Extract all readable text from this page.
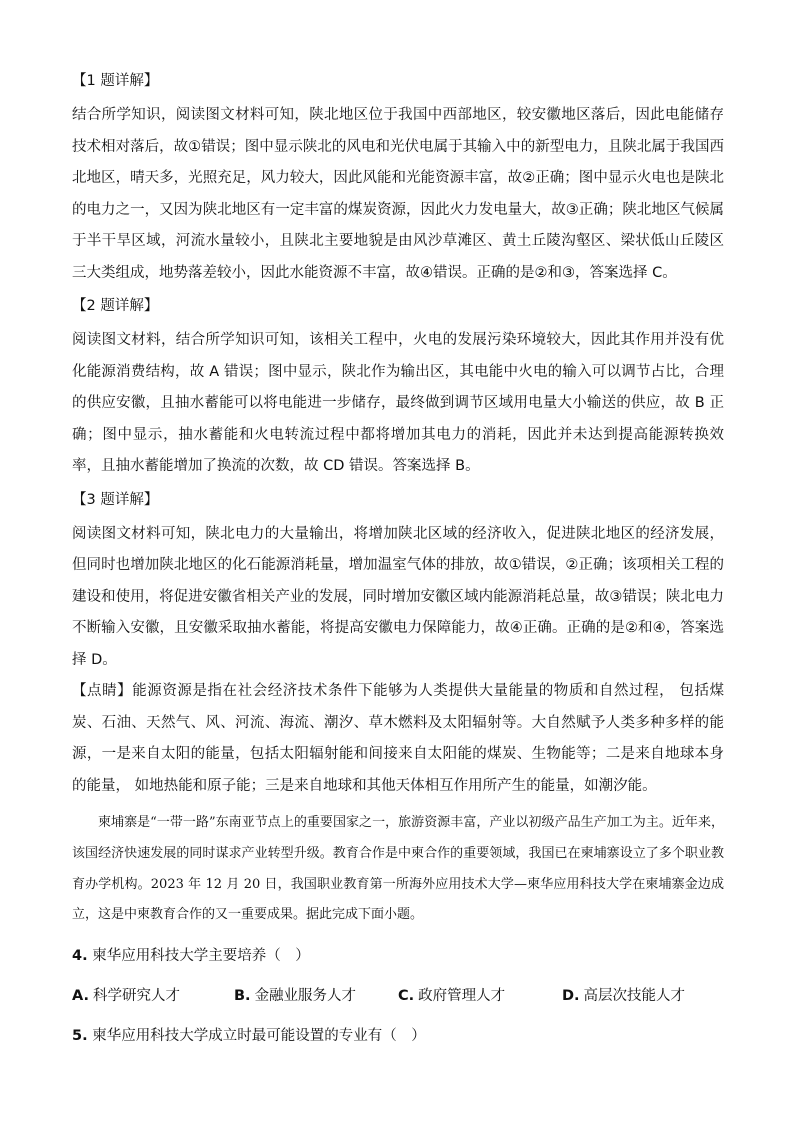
【1 题详解】

结合所学知识，阅读图文材料可知，陕北地区位于我国中西部地区，较安徽地区落后，因此电能储存技术相对落后，故①错误；图中显示陕北的风电和光伏电属于其输入中的新型电力，且陕北属于我国西北地区，晴天多，光照充足，风力较大，因此风能和光能资源丰富，故②正确；图中显示火电也是陕北的电力之一，又因为陕北地区有一定丰富的煤炭资源，因此火力发电量大，故③正确；陕北地区气候属于半干旱区域，河流水量较小，且陕北主要地貌是由风沙草滩区、黄土丘陵沟壑区、梁状低山丘陵区三大类组成，地势落差较小，因此水能资源不丰富，故④错误。正确的是②和③，答案选择 C。

【2 题详解】

阅读图文材料，结合所学知识可知，该相关工程中，火电的发展污染环境较大，因此其作用并没有优化能源消费结构，故 A 错误；图中显示，陕北作为输出区，其电能中火电的输入可以调节占比，合理的供应安徽，且抽水蓄能可以将电能进一步储存，最终做到调节区域用电量大小输送的供应，故 B 正确；图中显示，抽水蓄能和火电转流过程中都将增加其电力的消耗，因此并未达到提高能源转换效率，且抽水蓄能增加了换流的次数，故 CD 错误。答案选择 B。

【3 题详解】

阅读图文材料可知，陕北电力的大量输出，将增加陕北区域的经济收入，促进陕北地区的经济发展，但同时也增加陕北地区的化石能源消耗量，增加温室气体的排放，故①错误，②正确；该项相关工程的建设和使用，将促进安徽省相关产业的发展，同时增加安徽区域内能源消耗总量，故③错误；陕北电力不断输入安徽，且安徽采取抽水蓄能，将提高安徽电力保障能力，故④正确。正确的是②和④，答案选择 D。

【点睛】能源资源是指在社会经济技术条件下能够为人类提供大量能量的物质和自然过程， 包括煤炭、石油、天然气、风、河流、海流、潮汐、草木燃料及太阳辐射等。大自然赋予人类多种多样的能源，一是来自太阳的能量，包括太阳辐射能和间接来自太阳能的煤炭、生物能等；二是来自地球本身的能量， 如地热能和原子能；三是来自地球和其他天体相互作用所产生的能量，如潮汐能。

柬埔寨是“一带一路”东南亚节点上的重要国家之一，旅游资源丰富，产业以初级产品生产加工为主。近年来，该国经济快速发展的同时谋求产业转型升级。教育合作是中柬合作的重要领域，我国已在柬埔寨设立了多个职业教育办学机构。2023 年 12 月 20 日，我国职业教育第一所海外应用技术大学—柬华应用科技大学在柬埔寨金边成立，这是中柬教育合作的又一重要成果。据此完成下面小题。

4. 柬华应用科技大学主要培养（　）
A. 科学研究人才	B. 金融业服务人才	C. 政府管理人才	D. 高层次技能人才
5. 柬华应用科技大学成立时最可能设置的专业有（　）
